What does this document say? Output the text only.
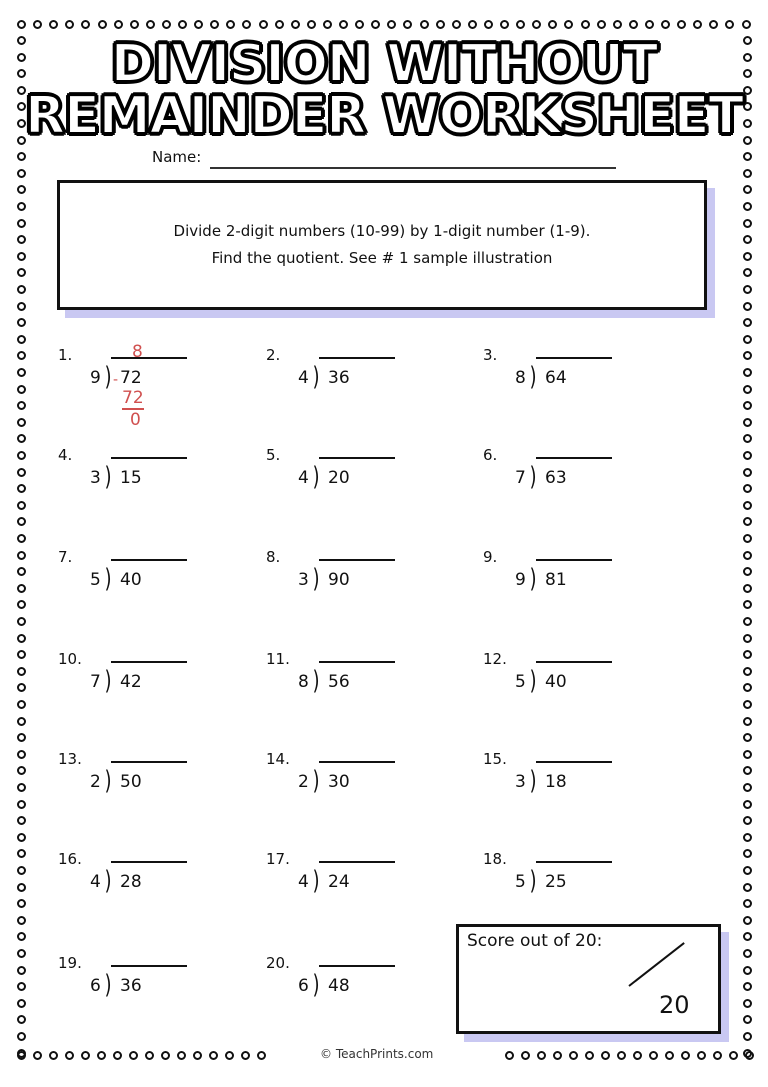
DIVISION WITHOUT
REMAINDER WORKSHEET
Name:
Divide 2-digit numbers (10-99) by 1-digit number (1-9).
Find the quotient. See # 1 sample illustration
1.
9 ) 72
8
-
72
0
2.
4 ) 36
3.
8 ) 64
4.
3 ) 15
5.
4 ) 20
6.
7 ) 63
7.
5 ) 40
8.
3 ) 90
9.
9 ) 81
10.
7 ) 42
11.
8 ) 56
12.
5 ) 40
13.
2 ) 50
14.
2 ) 30
15.
3 ) 18
16.
4 ) 28
17.
4 ) 24
18.
5 ) 25
19.
6 ) 36
20.
6 ) 48
Score out of 20:
20
© TeachPrints.com
